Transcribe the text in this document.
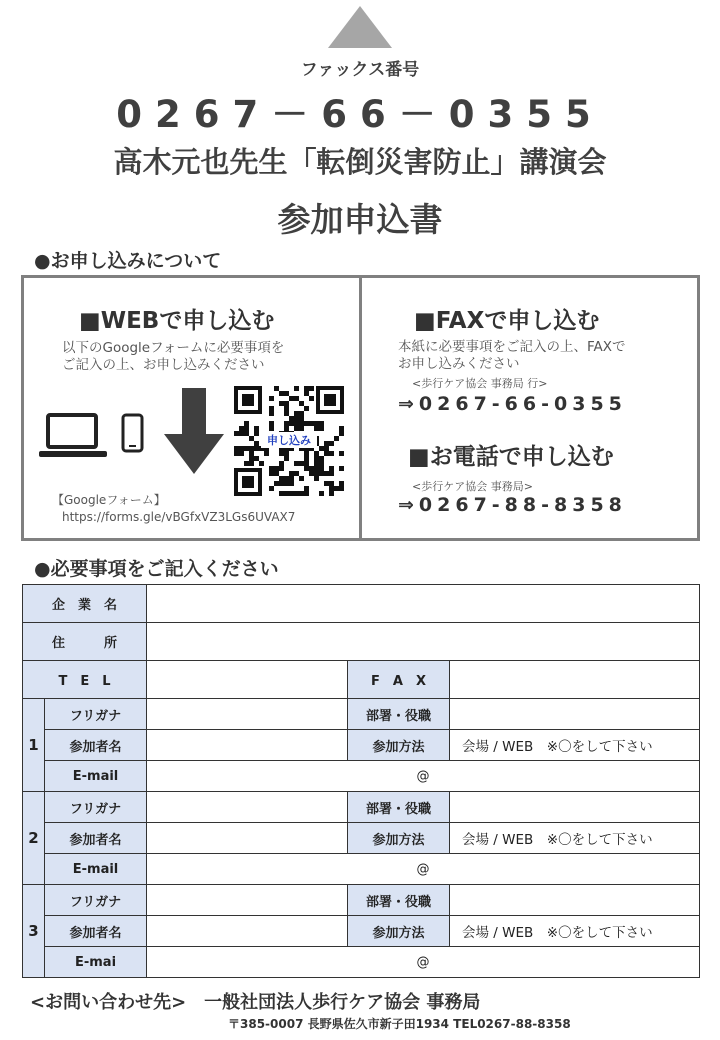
ファックス番号
0267－66－0355
高木元也先生「転倒災害防止」講演会
参加申込書
●お申し込みについて
■WEBで申し込む
以下のGoogleフォームに必要事項を
ご記入の上、お申し込みください
【Googleフォーム】
https://forms.gle/vBGfxVZ3LGs6UVAX7
申し込み
■FAXで申し込む
本紙に必要事項をご記入の上、FAXで
お申し込みください
<歩行ケア協会 事務局 行>
⇒0267-66-0355
■お電話で申し込む
<歩行ケア協会 事務局>
⇒0267-88-8358
●必要事項をご記入ください
企　業　名				
住　　　所				
T　E　L			F　A　X	
1	フリガナ		部署・役職	
	参加者名		参加方法	会場 / WEB　※〇をして下さい
	E-mail	@		
2	フリガナ		部署・役職	
	参加者名		参加方法	会場 / WEB　※〇をして下さい
	E-mail	@		
3	フリガナ		部署・役職	
	参加者名		参加方法	会場 / WEB　※〇をして下さい
	E-mai	@		
<お問い合わせ先>　一般社団法人歩行ケア協会 事務局
〒385-0007 長野県佐久市新子田1934 TEL0267-88-8358
